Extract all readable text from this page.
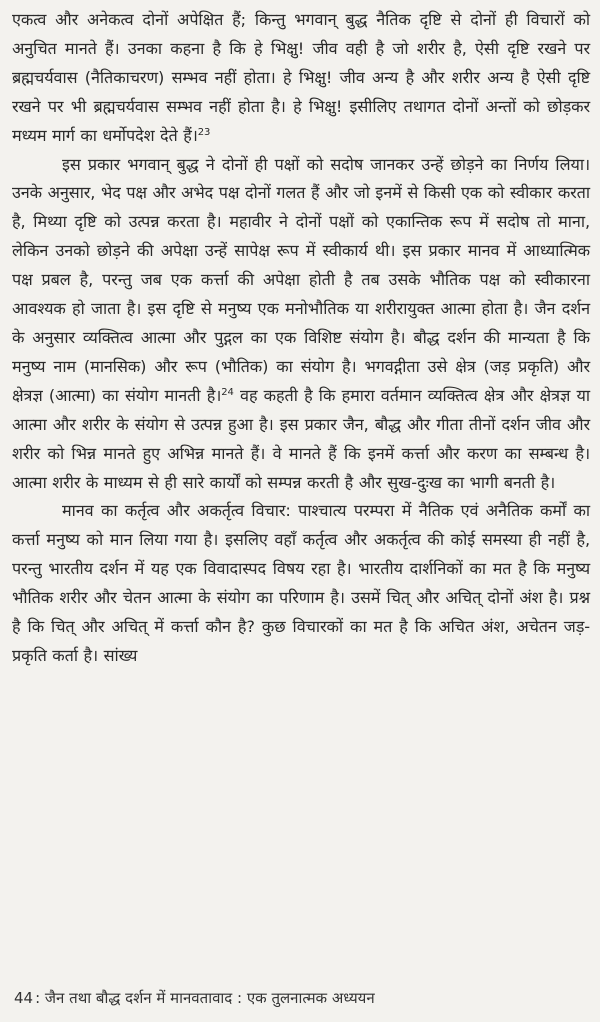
एकत्व और अनेकत्व दोनों अपेक्षित हैं; किन्तु भगवान् बुद्ध नैतिक दृष्टि से दोनों ही विचारों को अनुचित मानते हैं। उनका कहना है कि हे भिक्षु! जीव वही है जो शरीर है, ऐसी दृष्टि रखने पर ब्रह्मचर्यवास (नैतिकाचरण) सम्भव नहीं होता। हे भिक्षु! जीव अन्य है और शरीर अन्य है ऐसी दृष्टि रखने पर भी ब्रह्मचर्यवास सम्भव नहीं होता है। हे भिक्षु! इसीलिए तथागत दोनों अन्तों को छोड़कर मध्यम मार्ग का धर्मोपदेश देते हैं।$^{23}$

इस प्रकार भगवान् बुद्ध ने दोनों ही पक्षों को सदोष जानकर उन्हें छोड़ने का निर्णय लिया। उनके अनुसार, भेद पक्ष और अभेद पक्ष दोनों गलत हैं और जो इनमें से किसी एक को स्वीकार करता है, मिथ्या दृष्टि को उत्पन्न करता है। महावीर ने दोनों पक्षों को एकान्तिक रूप में सदोष तो माना, लेकिन उनको छोड़ने की अपेक्षा उन्हें सापेक्ष रूप में स्वीकार्य थी। इस प्रकार मानव में आध्यात्मिक पक्ष प्रबल है, परन्तु जब एक कर्त्ता की अपेक्षा होती है तब उसके भौतिक पक्ष को स्वीकारना आवश्यक हो जाता है। इस दृष्टि से मनुष्य एक मनोभौतिक या शरीरायुक्त आत्मा होता है। जैन दर्शन के अनुसार व्यक्तित्व आत्मा और पुद्गल का एक विशिष्ट संयोग है। बौद्ध दर्शन की मान्यता है कि मनुष्य नाम (मानसिक) और रूप (भौतिक) का संयोग है। भगवद्गीता उसे क्षेत्र (जड़ प्रकृति) और क्षेत्रज्ञ (आत्मा) का संयोग मानती है।$^{24}$ वह कहती है कि हमारा वर्तमान व्यक्तित्व क्षेत्र और क्षेत्रज्ञ या आत्मा और शरीर के संयोग से उत्पन्न हुआ है। इस प्रकार जैन, बौद्ध और गीता तीनों दर्शन जीव और शरीर को भिन्न मानते हुए अभिन्न मानते हैं। वे मानते हैं कि इनमें कर्त्ता और करण का सम्बन्ध है। आत्मा शरीर के माध्यम से ही सारे कार्यों को सम्पन्न करती है और सुख-दुःख का भागी बनती है।

मानव का कर्तृत्व और अकर्तृत्व विचार: पाश्चात्य परम्परा में नैतिक एवं अनैतिक कर्मों का कर्त्ता मनुष्य को मान लिया गया है। इसलिए वहाँ कर्तृत्व और अकर्तृत्व की कोई समस्या ही नहीं है, परन्तु भारतीय दर्शन में यह एक विवादास्पद विषय रहा है। भारतीय दार्शनिकों का मत है कि मनुष्य भौतिक शरीर और चेतन आत्मा के संयोग का परिणाम है। उसमें चित् और अचित् दोनों अंश है। प्रश्न है कि चित् और अचित् में कर्त्ता कौन है? कुछ विचारकों का मत है कि अचित अंश, अचेतन जड़-प्रकृति कर्ता है। सांख्य

44 : जैन तथा बौद्ध दर्शन में मानवतावाद : एक तुलनात्मक अध्ययन
